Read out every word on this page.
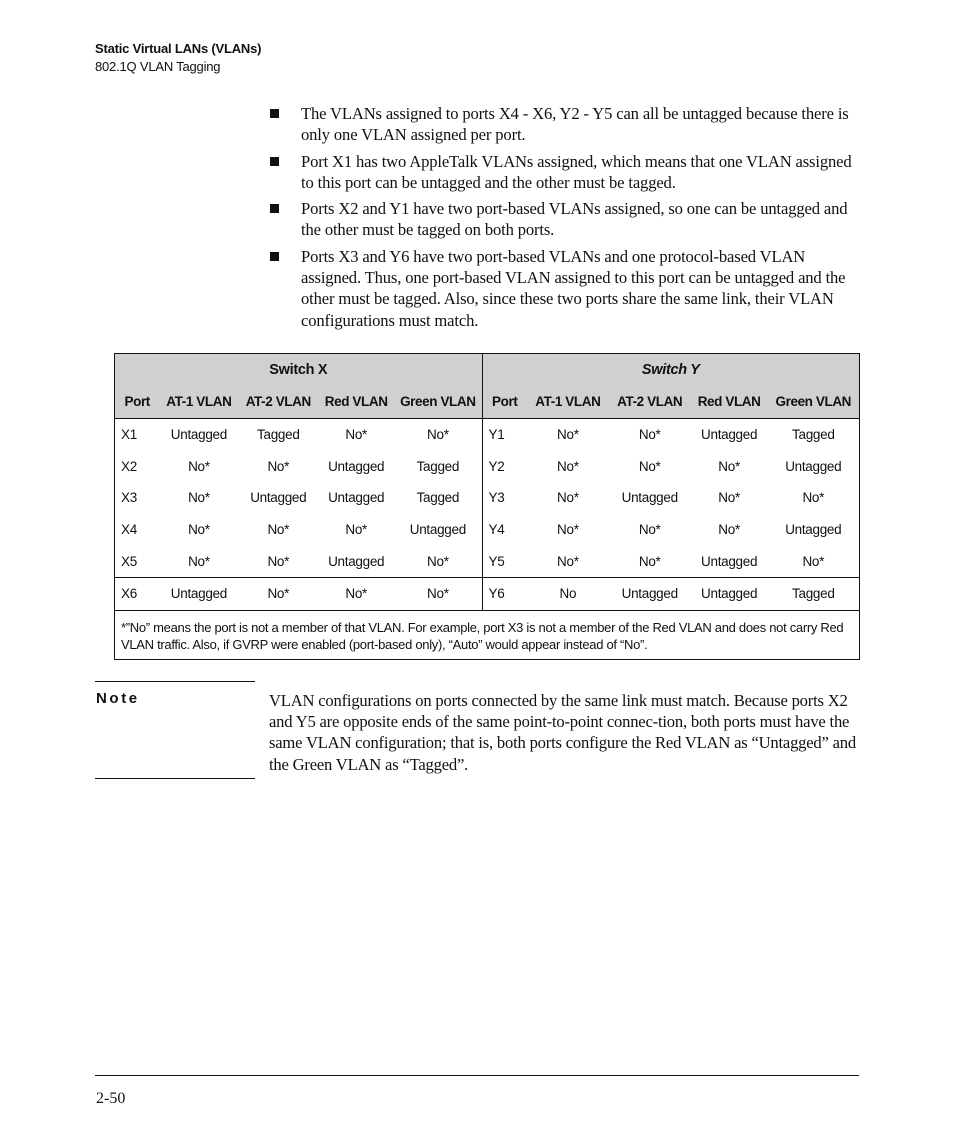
Static Virtual LANs (VLANs)
802.1Q VLAN Tagging
The VLANs assigned to ports X4 - X6, Y2 - Y5 can all be untagged because there is only one VLAN assigned per port.
Port X1 has two AppleTalk VLANs assigned, which means that one VLAN assigned to this port can be untagged and the other must be tagged.
Ports X2 and Y1 have two port-based VLANs assigned, so one can be untagged and the other must be tagged on both ports.
Ports X3 and Y6 have two port-based VLANs and one protocol-based VLAN assigned. Thus, one port-based VLAN assigned to this port can be untagged and the other must be tagged. Also, since these two ports share the same link, their VLAN configurations must match.
Switch X					Switch Y				
Port	AT-1 VLAN	AT-2 VLAN	Red VLAN	Green VLAN	Port	AT-1 VLAN	AT-2 VLAN	Red VLAN	Green VLAN
X1	Untagged	Tagged	No*	No*	Y1	No*	No*	Untagged	Tagged
X2	No*	No*	Untagged	Tagged	Y2	No*	No*	No*	Untagged
X3	No*	Untagged	Untagged	Tagged	Y3	No*	Untagged	No*	No*
X4	No*	No*	No*	Untagged	Y4	No*	No*	No*	Untagged
X5	No*	No*	Untagged	No*	Y5	No*	No*	Untagged	No*
X6	Untagged	No*	No*	No*	Y6	No	Untagged	Untagged	Tagged
*”No” means the port is not a member of that VLAN. For example, port X3 is not a member of the Red VLAN and does not carry Red VLAN traffic. Also, if GVRP were enabled (port-based only), “Auto” would appear instead of “No”.									
Note	VLAN configurations on ports connected by the same link must match. Because ports X2 and Y5 are opposite ends of the same point-to-point connec-tion, both ports must have the same VLAN configuration; that is, both ports configure the Red VLAN as “Untagged” and the Green VLAN as “Tagged”.
2-50
